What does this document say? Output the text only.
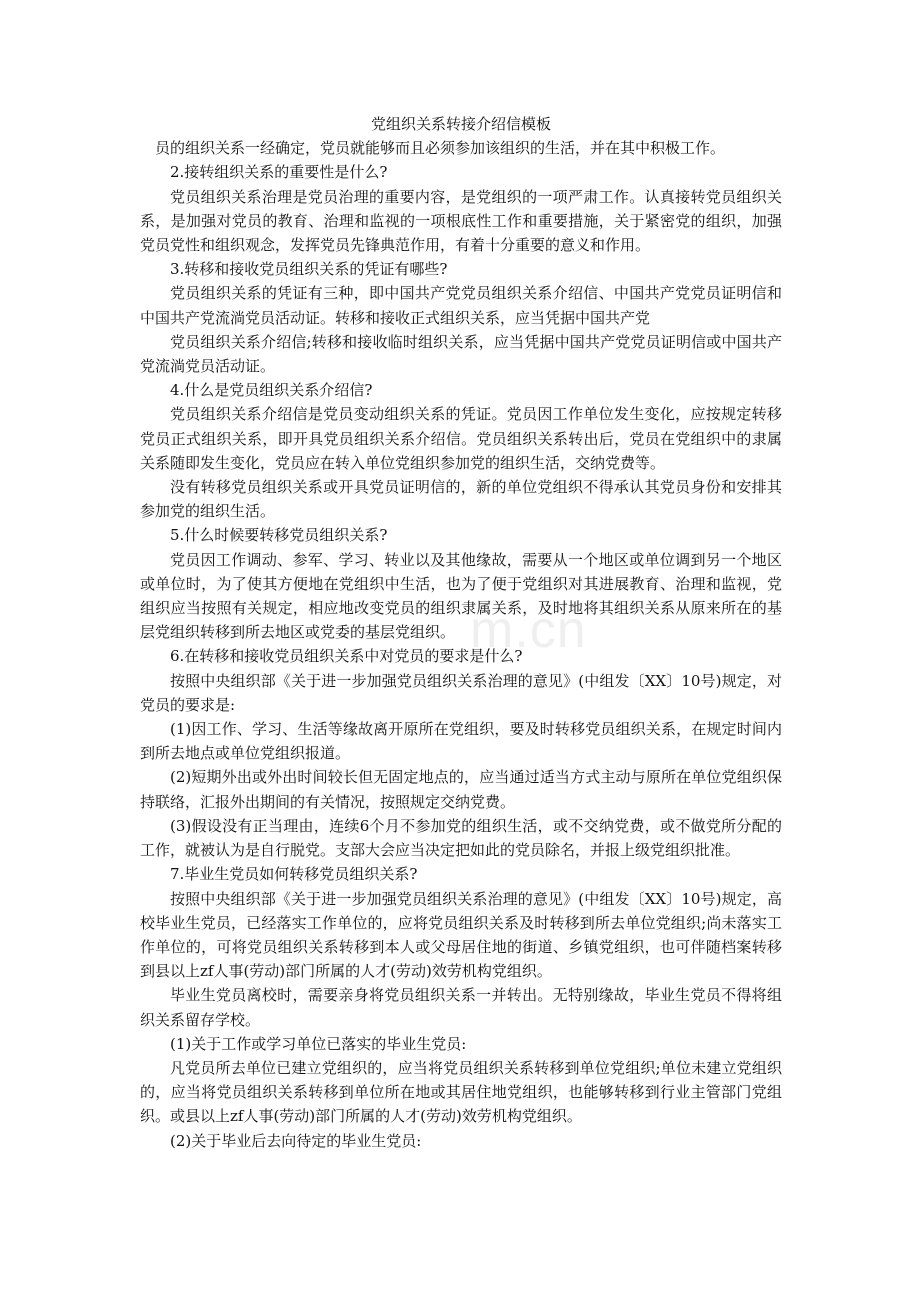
党组织关系转接介绍信模板

员的组织关系一经确定，党员就能够而且必须参加该组织的生活，并在其中积极工作。

2.接转组织关系的重要性是什么?

党员组织关系治理是党员治理的重要内容，是党组织的一项严肃工作。认真接转党员组织关系，是加强对党员的教育、治理和监视的一项根底性工作和重要措施，关于紧密党的组织，加强党员党性和组织观念，发挥党员先锋典范作用，有着十分重要的意义和作用。

3.转移和接收党员组织关系的凭证有哪些?

党员组织关系的凭证有三种，即中国共产党党员组织关系介绍信、中国共产党党员证明信和中国共产党流淌党员活动证。转移和接收正式组织关系，应当凭据中国共产党

党员组织关系介绍信;转移和接收临时组织关系，应当凭据中国共产党党员证明信或中国共产党流淌党员活动证。

4.什么是党员组织关系介绍信?

党员组织关系介绍信是党员变动组织关系的凭证。党员因工作单位发生变化，应按规定转移党员正式组织关系，即开具党员组织关系介绍信。党员组织关系转出后，党员在党组织中的隶属关系随即发生变化，党员应在转入单位党组织参加党的组织生活，交纳党费等。

没有转移党员组织关系或开具党员证明信的，新的单位党组织不得承认其党员身份和安排其参加党的组织生活。

5.什么时候要转移党员组织关系?

党员因工作调动、参军、学习、转业以及其他缘故，需要从一个地区或单位调到另一个地区或单位时，为了使其方便地在党组织中生活，也为了便于党组织对其进展教育、治理和监视，党组织应当按照有关规定，相应地改变党员的组织隶属关系，及时地将其组织关系从原来所在的基层党组织转移到所去地区或党委的基层党组织。

6.在转移和接收党员组织关系中对党员的要求是什么?

按照中央组织部《关于进一步加强党员组织关系治理的意见》(中组发〔XX〕10号)规定，对党员的要求是:

(1)因工作、学习、生活等缘故离开原所在党组织，要及时转移党员组织关系，在规定时间内到所去地点或单位党组织报道。

(2)短期外出或外出时间较长但无固定地点的，应当通过适当方式主动与原所在单位党组织保持联络，汇报外出期间的有关情况，按照规定交纳党费。

(3)假设没有正当理由，连续6个月不参加党的组织生活，或不交纳党费，或不做党所分配的工作，就被认为是自行脱党。支部大会应当决定把如此的党员除名，并报上级党组织批准。

7.毕业生党员如何转移党员组织关系?

按照中央组织部《关于进一步加强党员组织关系治理的意见》(中组发〔XX〕10号)规定，高校毕业生党员，已经落实工作单位的，应将党员组织关系及时转移到所去单位党组织;尚未落实工作单位的，可将党员组织关系转移到本人或父母居住地的街道、乡镇党组织，也可伴随档案转移到县以上zf人事(劳动)部门所属的人才(劳动)效劳机构党组织。

毕业生党员离校时，需要亲身将党员组织关系一并转出。无特别缘故，毕业生党员不得将组织关系留存学校。

(1)关于工作或学习单位已落实的毕业生党员:

凡党员所去单位已建立党组织的，应当将党员组织关系转移到单位党组织;单位未建立党组织的，应当将党员组织关系转移到单位所在地或其居住地党组织，也能够转移到行业主管部门党组织。或县以上zf人事(劳动)部门所属的人才(劳动)效劳机构党组织。

(2)关于毕业后去向待定的毕业生党员:

m.cn
